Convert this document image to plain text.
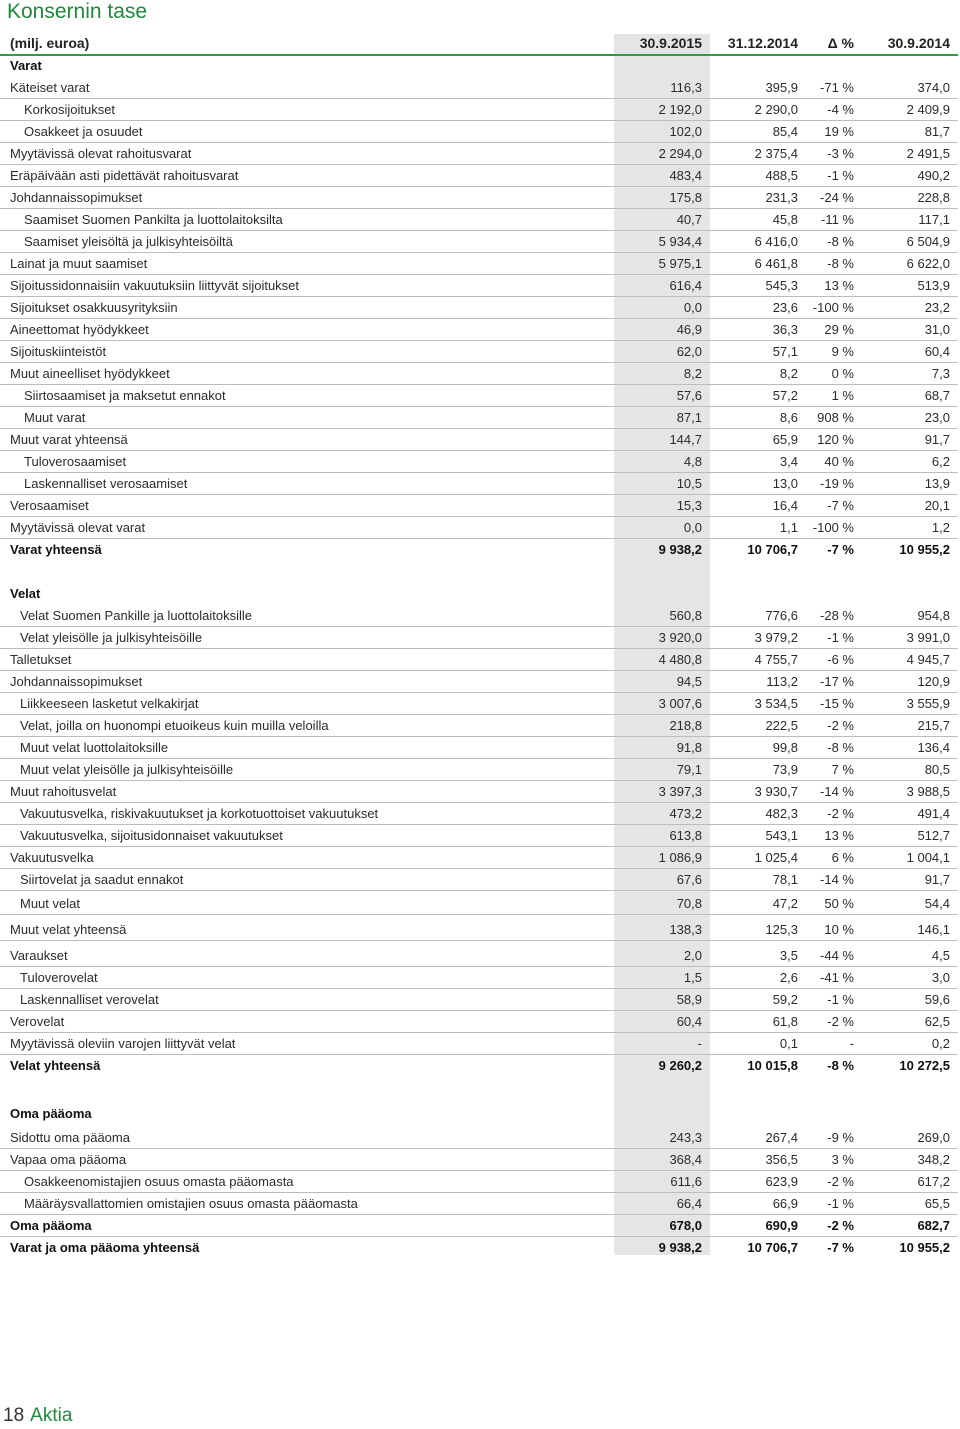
Konsernin tase
(milj. euroa)	30.9.2015 31.12.2014 Δ % 30.9.2014
Varat
Käteiset varat	116,3	395,9 -71 %	374,0
Korkosijoitukset	2 192,0	2 290,0 -4 %	2 409,9
Osakkeet ja osuudet	102,0	85,4 19 %	81,7
Myytävissä olevat rahoitusvarat	2 294,0	2 375,4 -3 %	2 491,5
Eräpäivään asti pidettävät rahoitusvarat	483,4	488,5 -1 %	490,2
Johdannaissopimukset	175,8	231,3 -24 %	228,8
Saamiset Suomen Pankilta ja luottolaitoksilta	40,7	45,8 -11 %	117,1
Saamiset yleisöltä ja julkisyhteisöiltä	5 934,4	6 416,0 -8 %	6 504,9
Lainat ja muut saamiset	5 975,1	6 461,8 -8 %	6 622,0
Sijoitussidonnaisiin vakuutuksiin liittyvät sijoitukset	616,4	545,3 13 %	513,9
Sijoitukset osakkuusyrityksiin	0,0	23,6 -100 %	23,2
Aineettomat hyödykkeet	46,9	36,3 29 %	31,0
Sijoituskiinteistöt	62,0	57,1	9 %	60,4
Muut aineelliset hyödykkeet	8,2	8,2	0 %	7,3
Siirtosaamiset ja maksetut ennakot	57,6	57,2	1 %	68,7
Muut varat	87,1	8,6 908 %	23,0
Muut varat yhteensä	144,7	65,9 120 %	91,7
Tuloverosaamiset	4,8	3,4 40 %	6,2
Laskennalliset verosaamiset	10,5	13,0 -19 %	13,9
Verosaamiset	15,3	16,4 -7 %	20,1
Myytävissä olevat varat	0,0	1,1 -100 %	1,2
Varat yhteensä	9 938,2	10 706,7 -7 %	10 955,2
Velat
Velat Suomen Pankille ja luottolaitoksille	560,8	776,6 -28 %	954,8
Velat yleisölle ja julkisyhteisöille	3 920,0	3 979,2 -1 %	3 991,0
Talletukset	4 480,8	4 755,7 -6 %	4 945,7
Johdannaissopimukset	94,5	113,2 -17 %	120,9
Liikkeeseen lasketut velkakirjat	3 007,6	3 534,5 -15 %	3 555,9
Velat, joilla on huonompi etuoikeus kuin muilla veloilla	218,8	222,5 -2 %	215,7
Muut velat luottolaitoksille	91,8	99,8 -8 %	136,4
Muut velat yleisölle ja julkisyhteisöille	79,1	73,9	7 %	80,5
Muut rahoitusvelat	3 397,3	3 930,7 -14 %	3 988,5
Vakuutusvelka, riskivakuutukset ja korkotuottoiset vakuutukset	473,2	482,3 -2 %	491,4
Vakuutusvelka, sijoitusidonnaiset vakuutukset	613,8	543,1 13 %	512,7
Vakuutusvelka	1 086,9	1 025,4	6 %	1 004,1
Siirtovelat ja saadut ennakot	67,6	78,1 -14 %	91,7
Muut velat	70,8	47,2 50 %	54,4
Muut velat yhteensä	138,3	125,3 10 %	146,1
Varaukset	2,0	3,5 -44 %	4,5
Tuloverovelat	1,5	2,6 -41 %	3,0
Laskennalliset verovelat	58,9	59,2 -1 %	59,6
Verovelat	60,4	61,8 -2 %	62,5
Myytävissä oleviin varojen liittyvät velat	-	0,1	-	0,2
Velat yhteensä	9 260,2	10 015,8 -8 %	10 272,5
Oma pääoma
Sidottu oma pääoma	243,3	267,4 -9 %	269,0
Vapaa oma pääoma	368,4	356,5	3 %	348,2
Osakkeenomistajien osuus omasta pääomasta	611,6	623,9 -2 %	617,2
Määräysvallattomien omistajien osuus omasta pääomasta	66,4	66,9 -1 %	65,5
Oma pääoma	678,0	690,9 -2 %	682,7
Varat ja oma pääoma yhteensä	9 938,2	10 706,7 -7 %	10 955,2
18 Aktia
